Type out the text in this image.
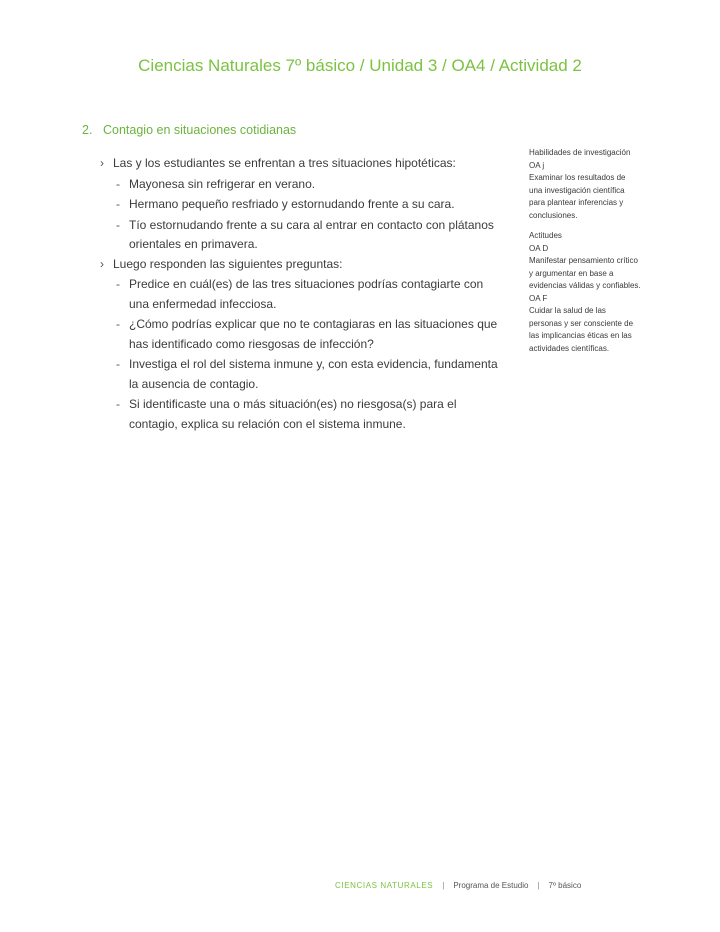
Ciencias Naturales 7º básico / Unidad 3 / OA4 / Actividad 2
2. Contagio en situaciones cotidianas
› Las y los estudiantes se enfrentan a tres situaciones hipotéticas:
- Mayonesa sin refrigerar en verano.
- Hermano pequeño resfriado y estornudando frente a su cara.
- Tío estornudando frente a su cara al entrar en contacto con plátanos orientales en primavera.
› Luego responden las siguientes preguntas:
- Predice en cuál(es) de las tres situaciones podrías contagiarte con una enfermedad infecciosa.
- ¿Cómo podrías explicar que no te contagiaras en las situaciones que has identificado como riesgosas de infección?
- Investiga el rol del sistema inmune y, con esta evidencia, fundamenta la ausencia de contagio.
- Si identificaste una o más situación(es) no riesgosa(s) para el contagio, explica su relación con el sistema inmune.
Habilidades de investigación
OA j
Examinar los resultados de una investigación científica para plantear inferencias y conclusiones.
Actitudes
OA D
Manifestar pensamiento crítico y argumentar en base a evidencias válidas y confiables.
OA F
Cuidar la salud de las personas y ser consciente de las implicancias éticas en las actividades científicas.
CIENCIAS NATURALES | Programa de Estudio | 7º básico
